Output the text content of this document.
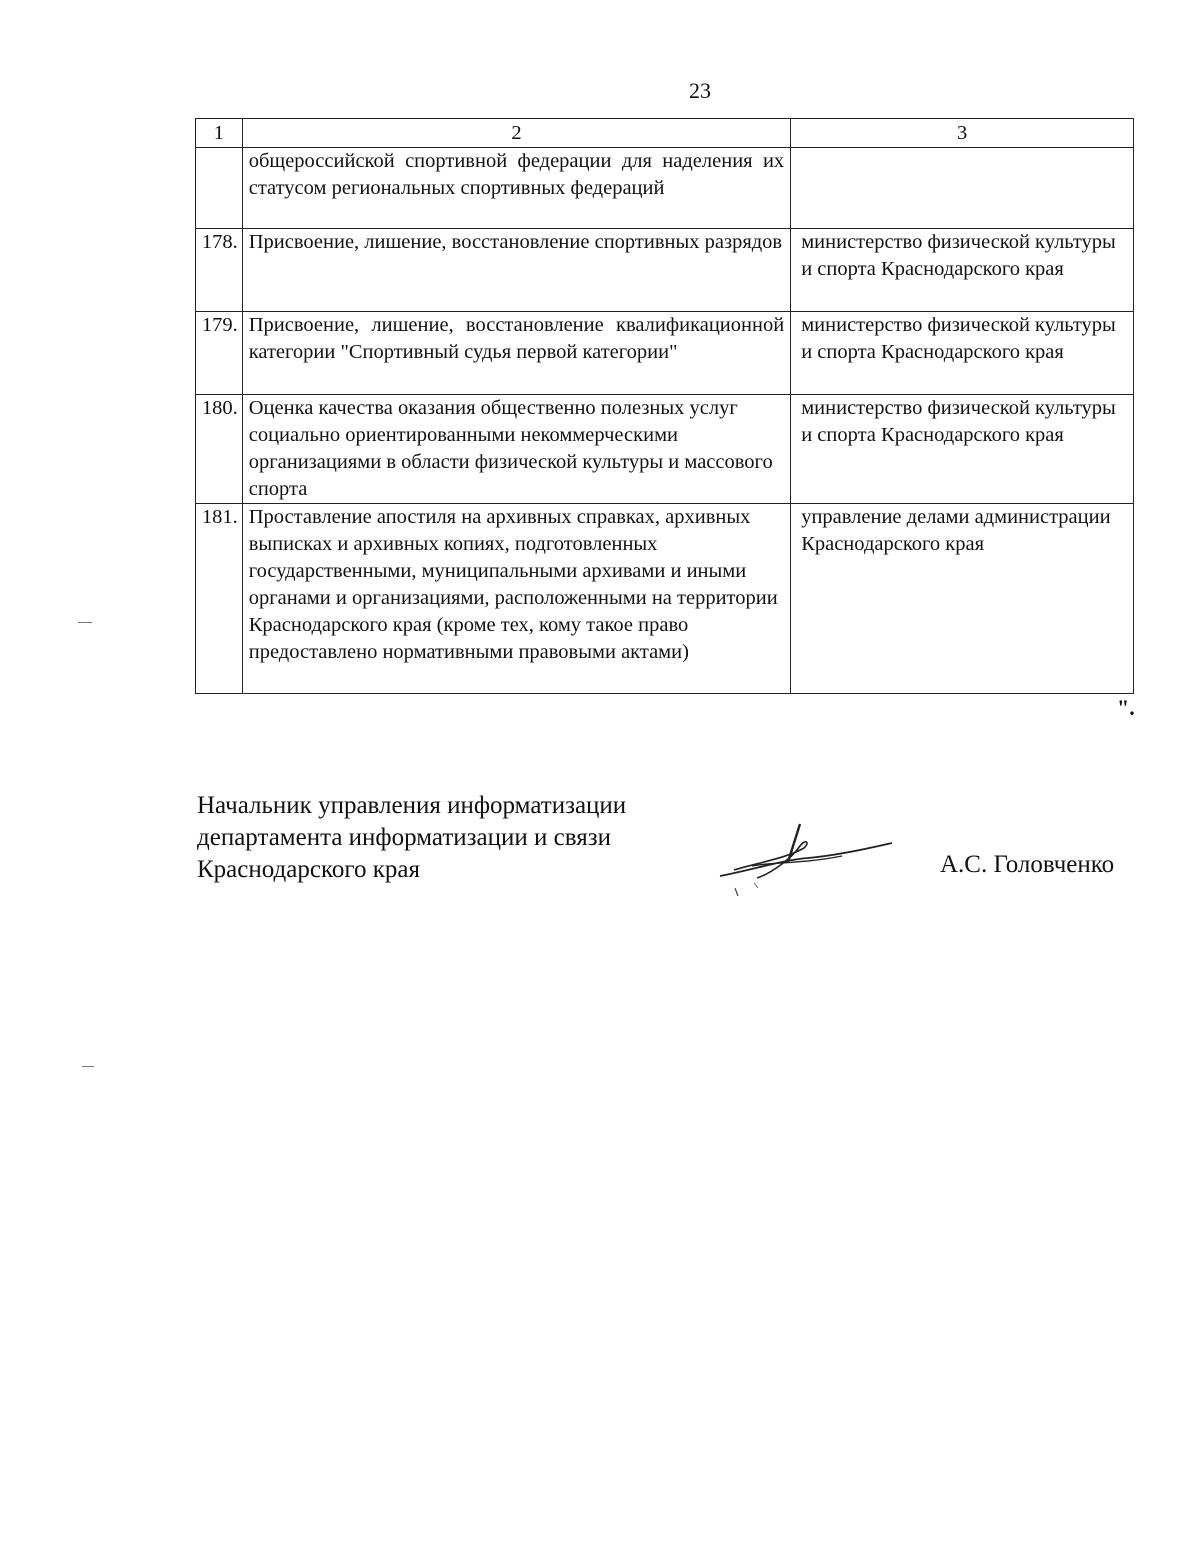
23
1	2	3
	общероссийской спортивной федерации для наделения их статусом региональных спортивных федераций	
178.	Присвоение, лишение, восстановление спортивных разрядов	министерство физической культуры и спорта Краснодарского края
179.	Присвоение, лишение, восстановление квалификационной категории "Спортивный судья первой категории"	министерство физической культуры и спорта Краснодарского края
180.	Оценка качества оказания общественно полезных услуг социально ориентированными некоммерческими организациями в области физической культуры и массового спорта	министерство физической культуры и спорта Краснодарского края
181.	Проставление апостиля на архивных справках, архивных выписках и архивных копиях, подготовленных государственными, муниципальными архивами и иными органами и организациями, расположенными на территории Краснодарского края (кроме тех, кому такое право предоставлено нормативными правовыми актами)	управление делами администрации Краснодарского края
".
Начальник управления информатизации
департамента информатизации и связи
Краснодарского края	А.С. Головченко
